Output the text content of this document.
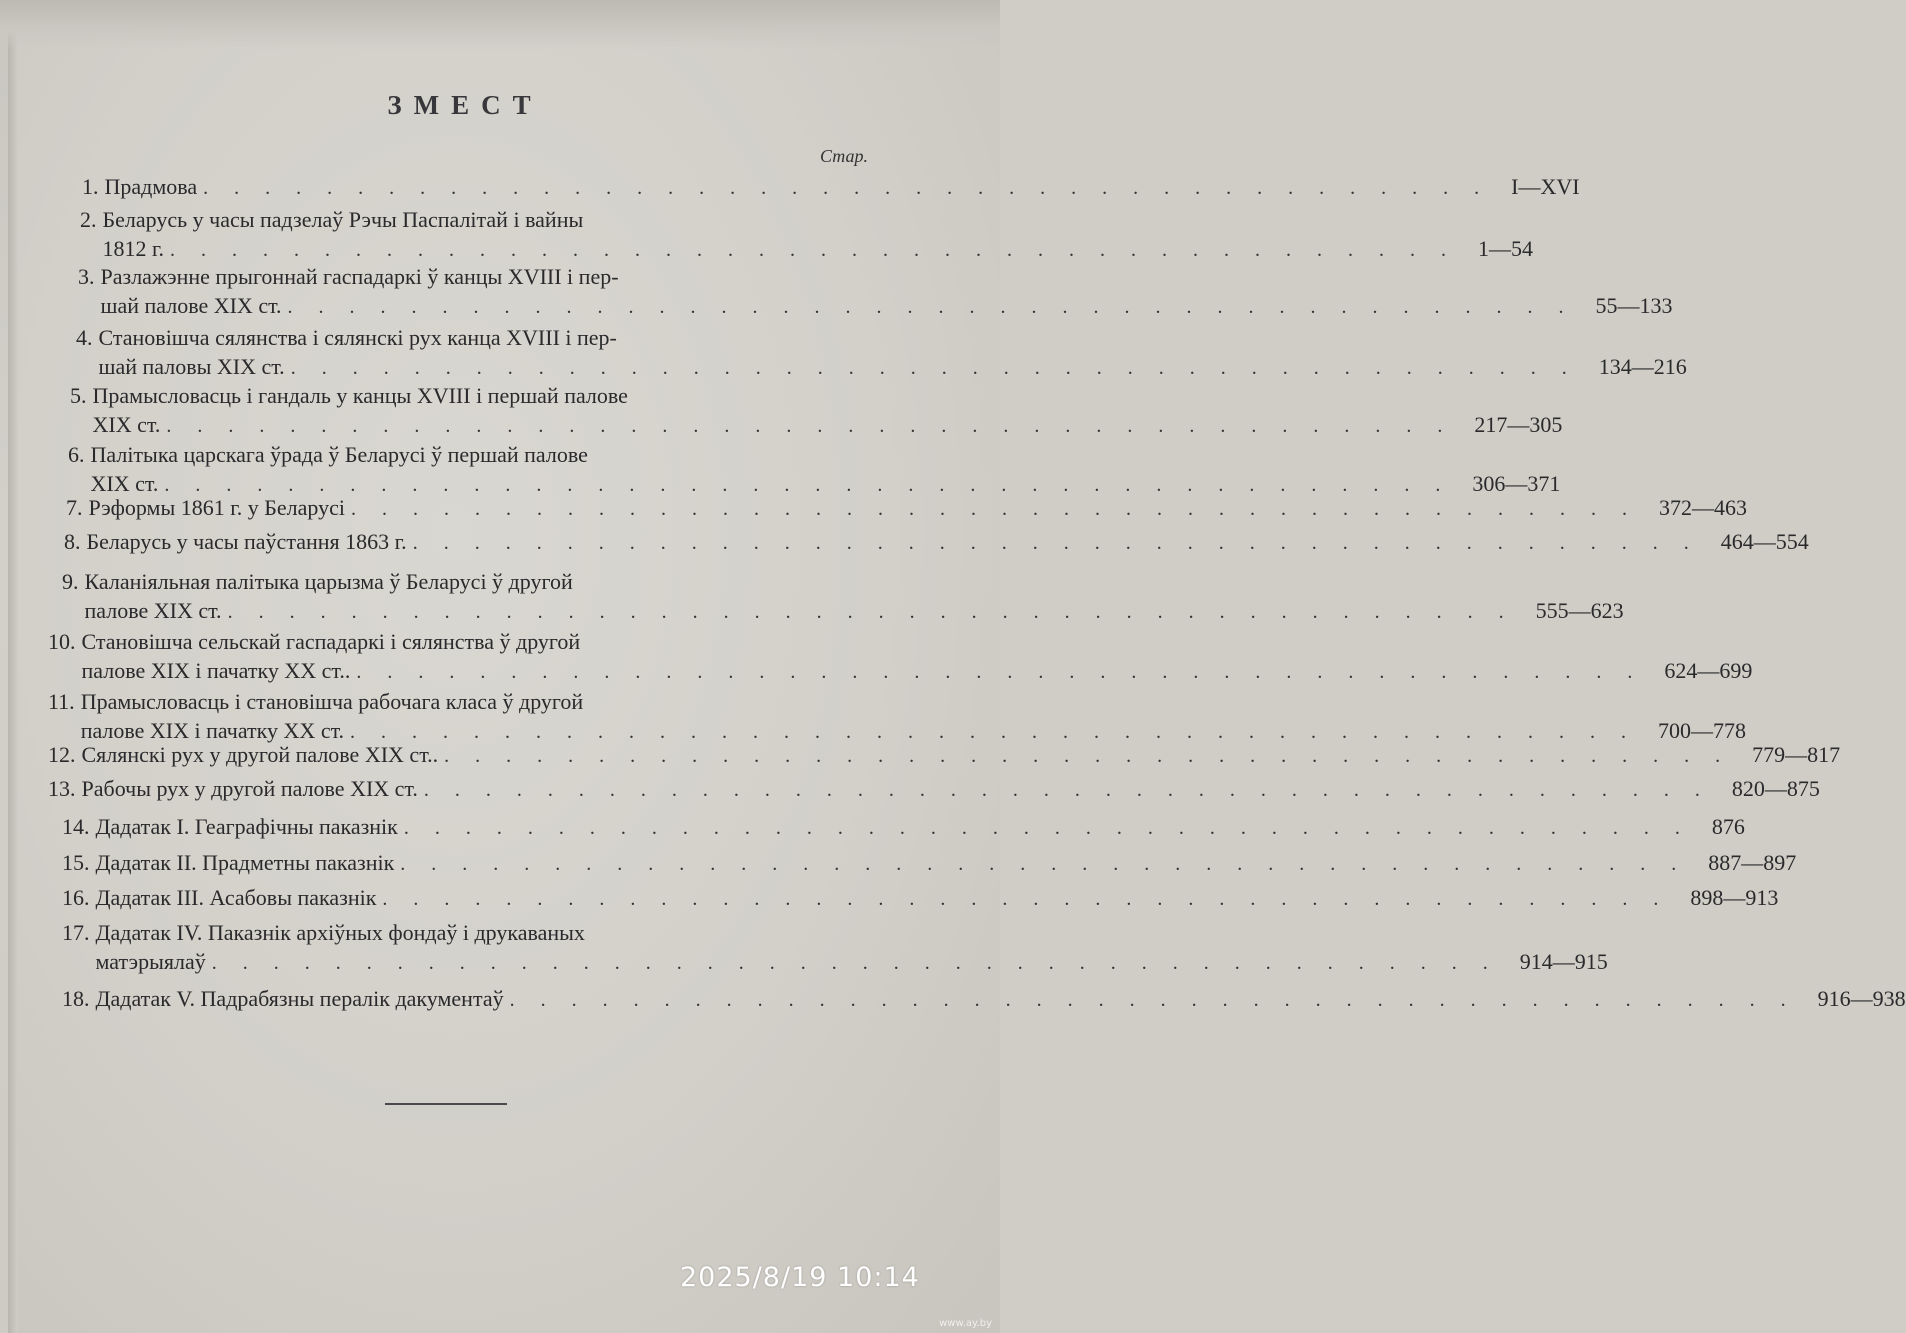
ЗМЕСТ
Стар.
1. Прадмова .......................................... I—XVI
2. Беларусь у часы падзелаў Рэчы Паспалітай і вайны
1812 г. .......................................... 1—54
3. Разлажэнне прыгоннай гаспадаркі ў канцы XVIII і пер-
шай палове XIX ст. .......................................... 55—133
4. Становішча сялянства і сялянскі рух канца XVIII і пер-
шай паловы XIX ст. .......................................... 134—216
5. Прамысловасць і гандаль у канцы XVIII і першай палове
XIX ст. .......................................... 217—305
6. Палітыка царскага ўрада ў Беларусі ў першай палове
XIX ст. .......................................... 306—371
7. Рэформы 1861 г. у Беларусі .......................................... 372—463
8. Беларусь у часы паўстання 1863 г. .......................................... 464—554
9. Каланіяльная палітыка царызма ў Беларусі ў другой
палове XIX ст. .......................................... 555—623
10. Становішча сельскай гаспадаркі і сялянства ў другой
палове XIX і пачатку XX ст.. .......................................... 624—699
11. Прамысловасць і становішча рабочага класа ў другой
палове XIX і пачатку XX ст. .......................................... 700—778
12. Сялянскі рух у другой палове XIX ст.. .......................................... 779—817
13. Рабочы рух у другой палове XIX ст. .......................................... 820—875
14. Дадатак I. Геаграфічны паказнік .......................................... 876
15. Дадатак II. Прадметны паказнік .......................................... 887—897
16. Дадатак III. Асабовы паказнік .......................................... 898—913
17. Дадатак IV. Паказнік архіўных фондаў і друкаваных
матэрыялаў .......................................... 914—915
18. Дадатак V. Падрабязны пералік дакументаў .......................................... 916—938
2025/8/19 10:14
www.ay.by
